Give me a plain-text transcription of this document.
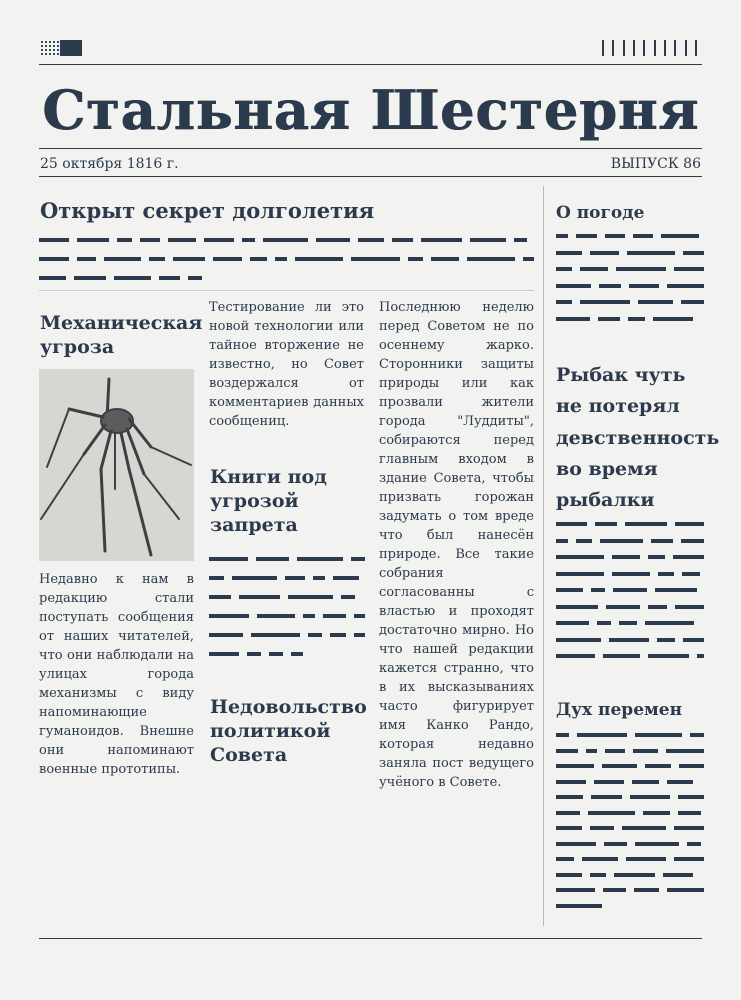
Стальная Шестерня
25 октября 1816 г.	ВЫПУСК 86
Открыт секрет долголетия
Механическая угроза

Недавно к нам в редакцию стали поступать сообщения от наших читателей, что они наблюдали на улицах города механизмы с виду напоминающие гуманоидов. Внешне они напоминают военные прототипы.

Тестирование ли это новой технологии или тайное вторжение не известно, но Совет воздержался от комментариев данных сообщениц.

Книги под угрозой запрета
Недовольство политикой Совета

Последнюю неделю перед Советом не по осеннему жарко. Сторонники защиты природы или как прозвали жители города "Луддиты", собираются перед главным входом в здание Совета, чтобы призвать горожан задумать о том вреде что был нанесён природе. Все такие собрания согласованны с властью и проходят достаточно мирно. Но что нашей редакции кажется странно, что в их высказываниях часто фигурирует имя Канко Рандо, которая недавно заняла пост ведущего учёного в Совете.

О погоде
Рыбак чуть не потерял девственность во время рыбалки
Дух перемен
